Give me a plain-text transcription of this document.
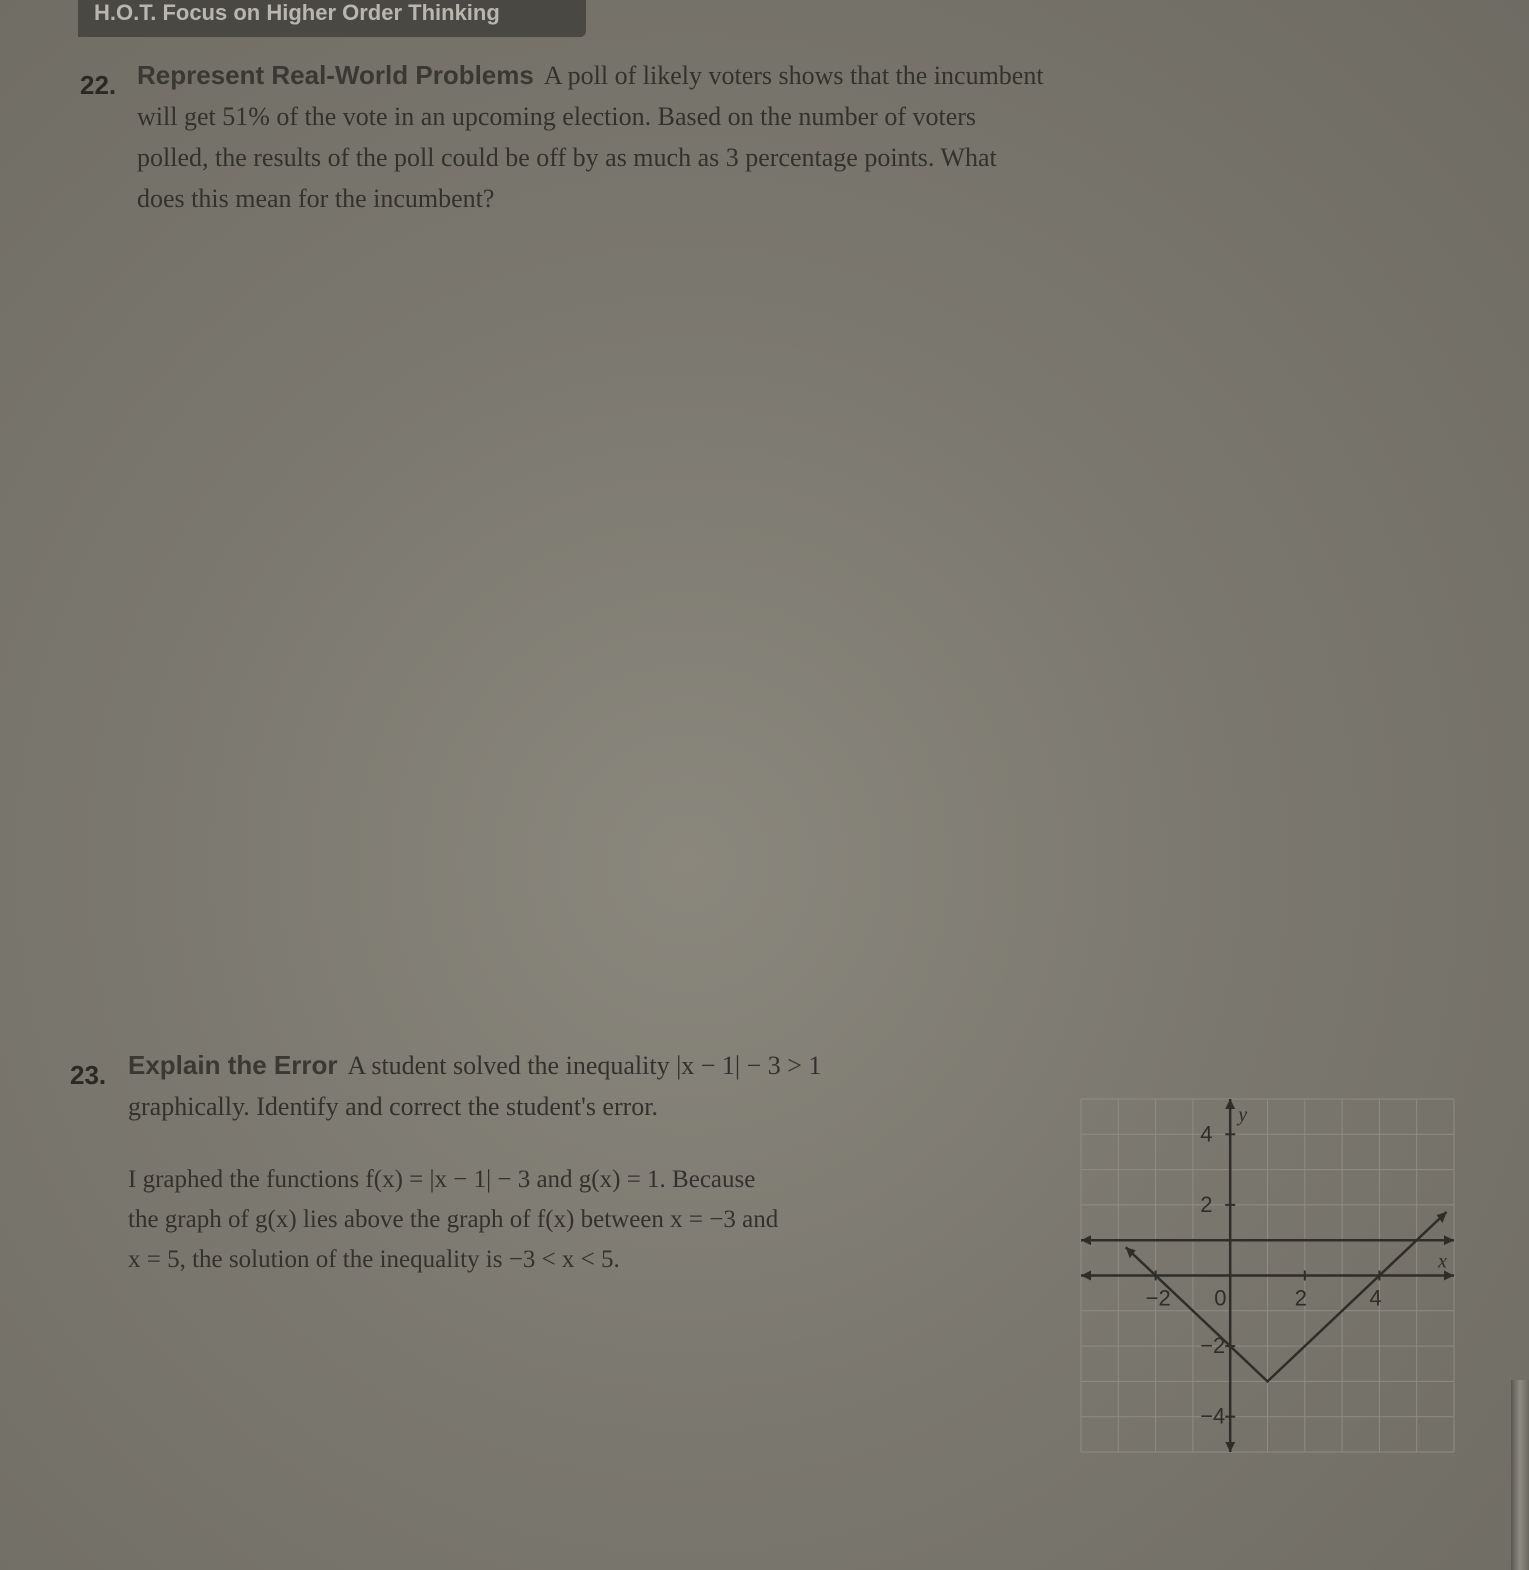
H.O.T. Focus on Higher Order Thinking
22. Represent Real-World Problems A poll of likely voters shows that the incumbent
will get 51% of the vote in an upcoming election. Based on the number of voters
polled, the results of the poll could be off by as much as 3 percentage points. What
does this mean for the incumbent?
23. Explain the Error A student solved the inequality |x − 1| − 3 > 1
graphically. Identify and correct the student's error.
I graphed the functions f(x) = |x − 1| − 3 and g(x) = 1. Because
the graph of g(x) lies above the graph of f(x) between x = −3 and
x = 5, the solution of the inequality is −3 < x < 5.
−2 0	2	4
4
2
−2
−4
x
y
